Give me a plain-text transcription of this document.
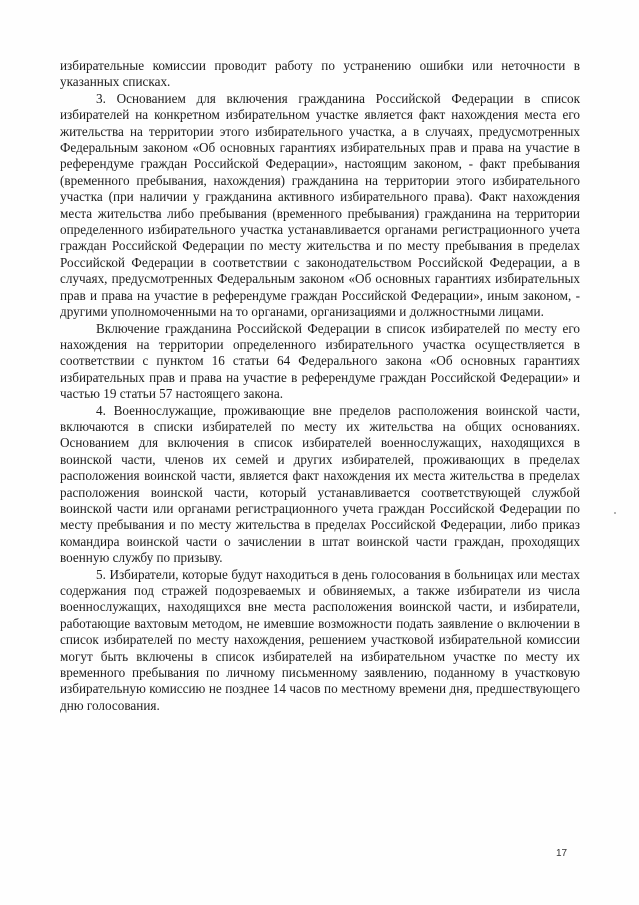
избирательные комиссии проводит работу по устранению ошибки или неточности в указанных списках.

3. Основанием для включения гражданина Российской Федерации в список избирателей на конкретном избирательном участке является факт нахождения места его жительства на территории этого избирательного участка, а в случаях, предусмотренных Федеральным законом «Об основных гарантиях избирательных прав и права на участие в референдуме граждан Российской Федерации», настоящим законом, - факт пребывания (временного пребывания, нахождения) гражданина на территории этого избирательного участка (при наличии у гражданина активного избирательного права). Факт нахождения места жительства либо пребывания (временного пребывания) гражданина на территории определенного избирательного участка устанавливается органами регистрационного учета граждан Российской Федерации по месту жительства и по месту пребывания в пределах Российской Федерации в соответствии с законодательством Российской Федерации, а в случаях, предусмотренных Федеральным законом «Об основных гарантиях избирательных прав и права на участие в референдуме граждан Российской Федерации», иным законом, - другими уполномоченными на то органами, организациями и должностными лицами.

Включение гражданина Российской Федерации в список избирателей по месту его нахождения на территории определенного избирательного участка осуществляется в соответствии с пунктом 16 статьи 64 Федерального закона «Об основных гарантиях избирательных прав и права на участие в референдуме граждан Российской Федерации» и частью 19 статьи 57 настоящего закона.

4. Военнослужащие, проживающие вне пределов расположения воинской части, включаются в списки избирателей по месту их жительства на общих основаниях. Основанием для включения в список избирателей военнослужащих, находящихся в воинской части, членов их семей и других избирателей, проживающих в пределах расположения воинской части, является факт нахождения их места жительства в пределах расположения воинской части, который устанавливается соответствующей службой воинской части или органами регистрационного учета граждан Российской Федерации по месту пребывания и по месту жительства в пределах Российской Федерации, либо приказ командира воинской части о зачислении в штат воинской части граждан, проходящих военную службу по призыву.

5. Избиратели, которые будут находиться в день голосования в больницах или местах содержания под стражей подозреваемых и обвиняемых, а также избиратели из числа военнослужащих, находящихся вне места расположения воинской части, и избиратели, работающие вахтовым методом, не имевшие возможности подать заявление о включении в список избирателей по месту нахождения, решением участковой избирательной комиссии могут быть включены в список избирателей на избирательном участке по месту их временного пребывания по личному письменному заявлению, поданному в участковую избирательную комиссию не позднее 14 часов по местному времени дня, предшествующего дню голосования.

17
